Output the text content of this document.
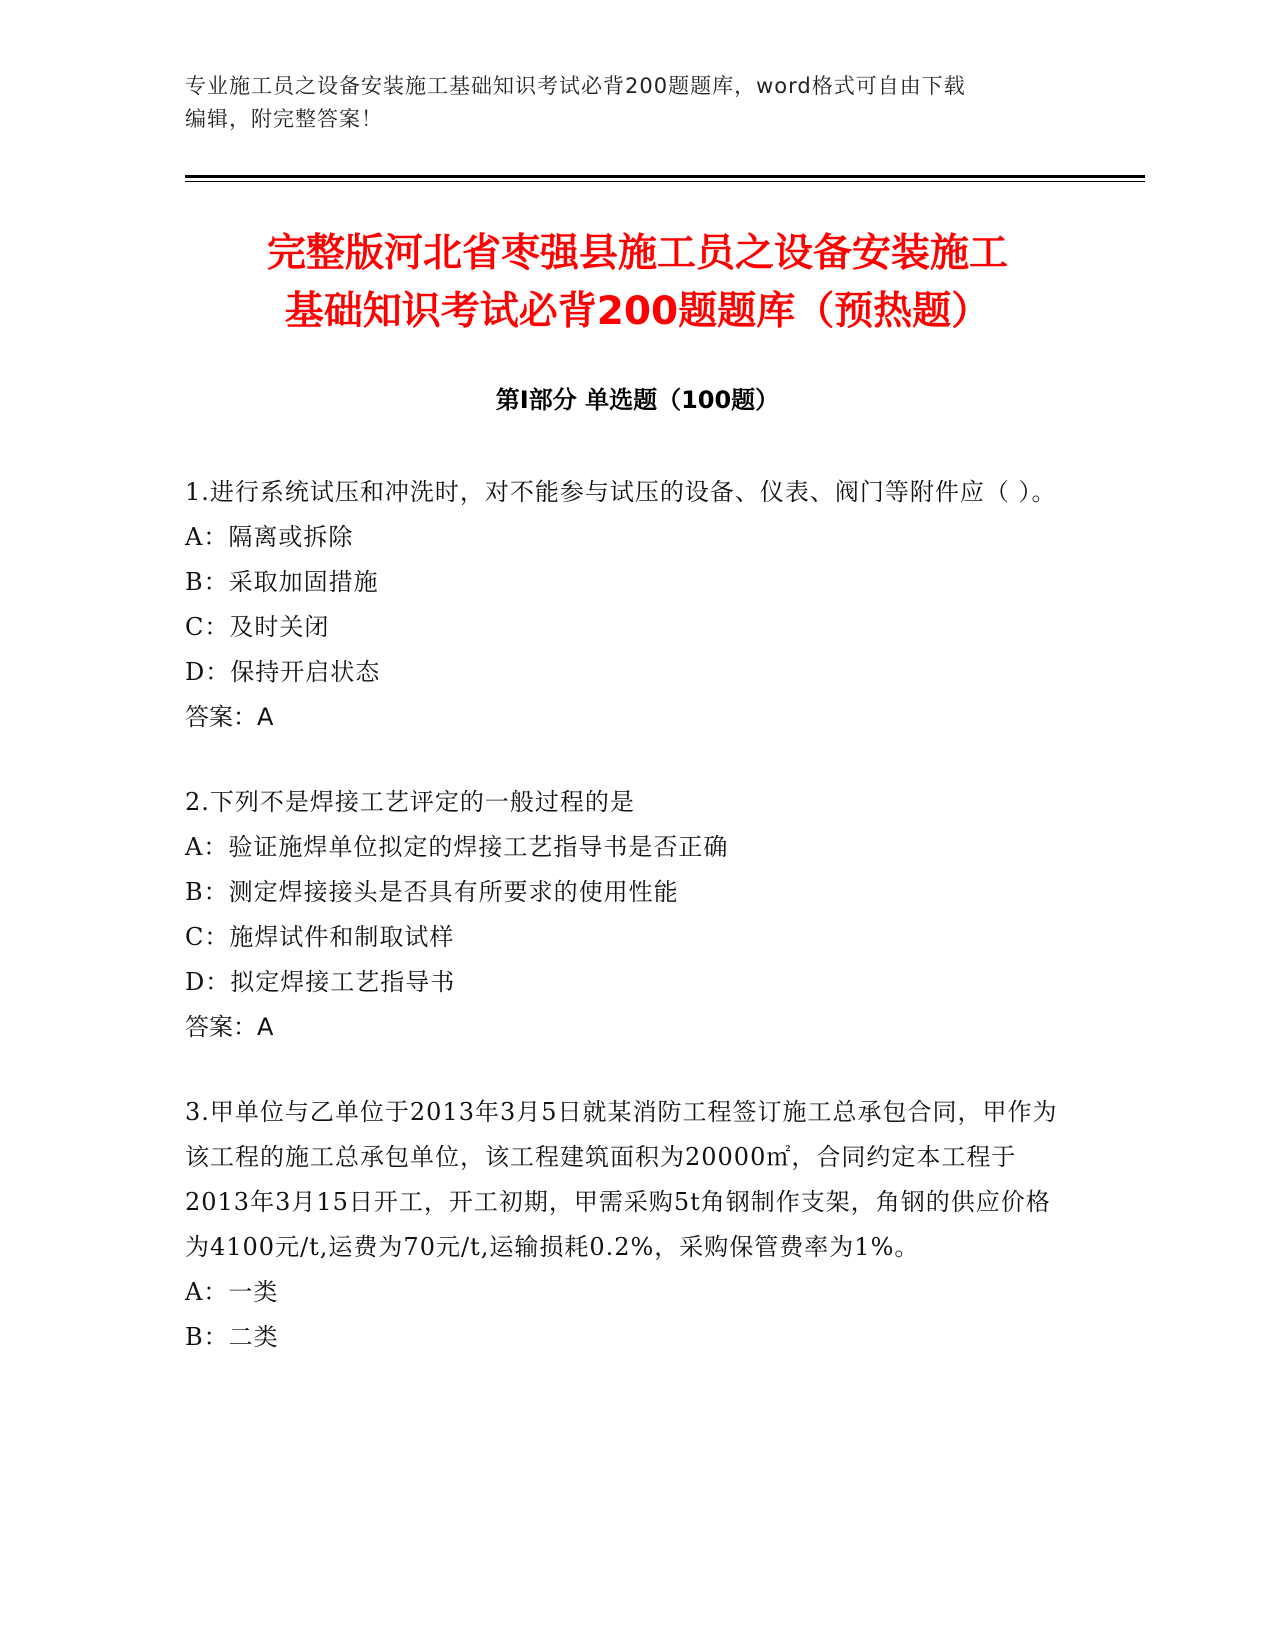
专业施工员之设备安装施工基础知识考试必背200题题库，word格式可自由下载
编辑，附完整答案！
完整版河北省枣强县施工员之设备安装施工
基础知识考试必背200题题库（预热题）
第Ⅰ部分 单选题（100题）
1.进行系统试压和冲洗时，对不能参与试压的设备、仪表、阀门等附件应（ ）。
A：隔离或拆除
B：采取加固措施
C：及时关闭
D：保持开启状态
答案：A
2.下列不是焊接工艺评定的一般过程的是
A：验证施焊单位拟定的焊接工艺指导书是否正确
B：测定焊接接头是否具有所要求的使用性能
C：施焊试件和制取试样
D：拟定焊接工艺指导书
答案：A
3.甲单位与乙单位于2013年3月5日就某消防工程签订施工总承包合同，甲作为该工程的施工总承包单位，该工程建筑面积为20000㎡，合同约定本工程于2013年3月15日开工，开工初期，甲需采购5t角钢制作支架，角钢的供应价格为4100元/t,运费为70元/t,运输损耗0.2%，采购保管费率为1%。
A：一类
B：二类
